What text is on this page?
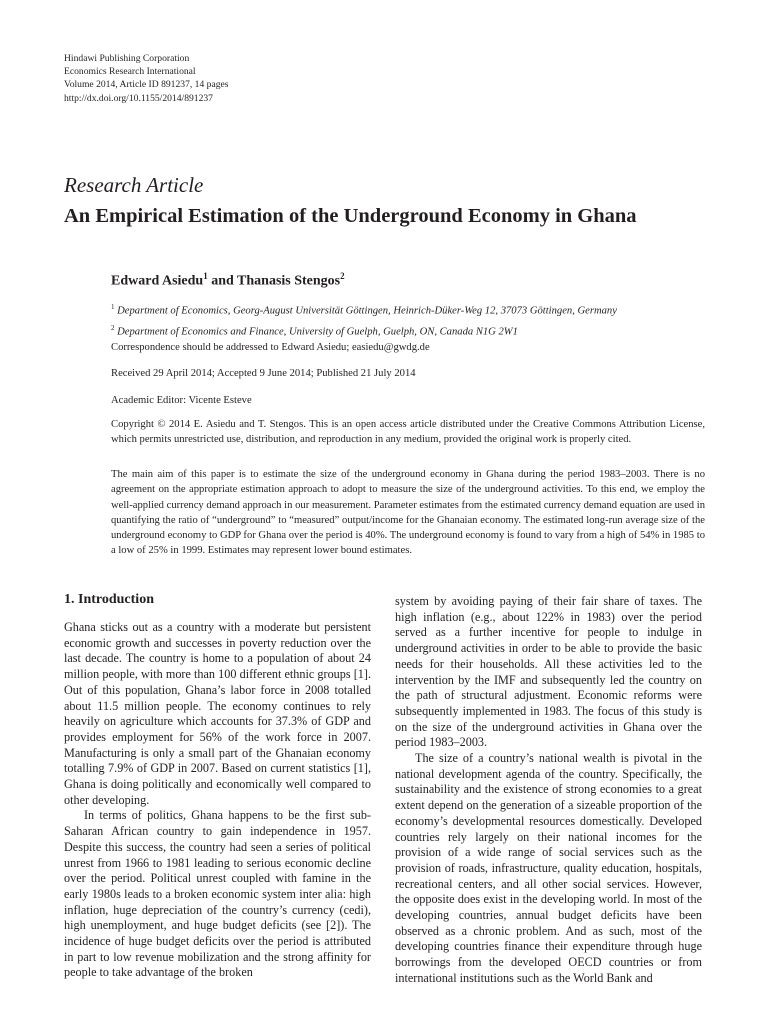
Hindawi Publishing Corporation
Economics Research International
Volume 2014, Article ID 891237, 14 pages
http://dx.doi.org/10.1155/2014/891237
Research Article
An Empirical Estimation of the Underground Economy in Ghana
Edward Asiedu$^1$ and Thanasis Stengos$^2$
$^1$ Department of Economics, Georg-August Universität Göttingen, Heinrich-Düker-Weg 12, 37073 Göttingen, Germany
$^2$ Department of Economics and Finance, University of Guelph, Guelph, ON, Canada N1G 2W1
Correspondence should be addressed to Edward Asiedu; easiedu@gwdg.de
Received 29 April 2014; Accepted 9 June 2014; Published 21 July 2014
Academic Editor: Vicente Esteve
Copyright © 2014 E. Asiedu and T. Stengos. This is an open access article distributed under the Creative Commons Attribution License, which permits unrestricted use, distribution, and reproduction in any medium, provided the original work is properly cited.
The main aim of this paper is to estimate the size of the underground economy in Ghana during the period 1983–2003. There is no agreement on the appropriate estimation approach to adopt to measure the size of the underground activities. To this end, we employ the well-applied currency demand approach in our measurement. Parameter estimates from the estimated currency demand equation are used in quantifying the ratio of “underground” to “measured” output/income for the Ghanaian economy. The estimated long-run average size of the underground economy to GDP for Ghana over the period is 40%. The underground economy is found to vary from a high of 54% in 1985 to a low of 25% in 1999. Estimates may represent lower bound estimates.
1. Introduction

Ghana sticks out as a country with a moderate but persistent economic growth and successes in poverty reduction over the last decade. The country is home to a population of about 24 million people, with more than 100 different ethnic groups [1]. Out of this population, Ghana’s labor force in 2008 totalled about 11.5 million people. The economy continues to rely heavily on agriculture which accounts for 37.3% of GDP and provides employment for 56% of the work force in 2007. Manufacturing is only a small part of the Ghanaian economy totalling 7.9% of GDP in 2007. Based on current statistics [1], Ghana is doing politically and economically well compared to other developing.

In terms of politics, Ghana happens to be the first sub-Saharan African country to gain independence in 1957. Despite this success, the country had seen a series of political unrest from 1966 to 1981 leading to serious economic decline over the period. Political unrest coupled with famine in the early 1980s leads to a broken economic system inter alia: high inflation, huge depreciation of the country’s currency (cedi), high unemployment, and huge budget deficits (see [2]). The incidence of huge budget deficits over the period is attributed in part to low revenue mobilization and the strong affinity for people to take advantage of the broken

system by avoiding paying of their fair share of taxes. The high inflation (e.g., about 122% in 1983) over the period served as a further incentive for people to indulge in underground activities in order to be able to provide the basic needs for their households. All these activities led to the intervention by the IMF and subsequently led the country on the path of structural adjustment. Economic reforms were subsequently implemented in 1983. The focus of this study is on the size of the underground activities in Ghana over the period 1983–2003.

The size of a country’s national wealth is pivotal in the national development agenda of the country. Specifically, the sustainability and the existence of strong economies to a great extent depend on the generation of a sizeable proportion of the economy’s developmental resources domestically. Developed countries rely largely on their national incomes for the provision of a wide range of social services such as the provision of roads, infrastructure, quality education, hospitals, recreational centers, and all other social services. However, the opposite does exist in the developing world. In most of the developing countries, annual budget deficits have been observed as a chronic problem. And as such, most of the developing countries finance their expenditure through huge borrowings from the developed OECD countries or from international institutions such as the World Bank and
